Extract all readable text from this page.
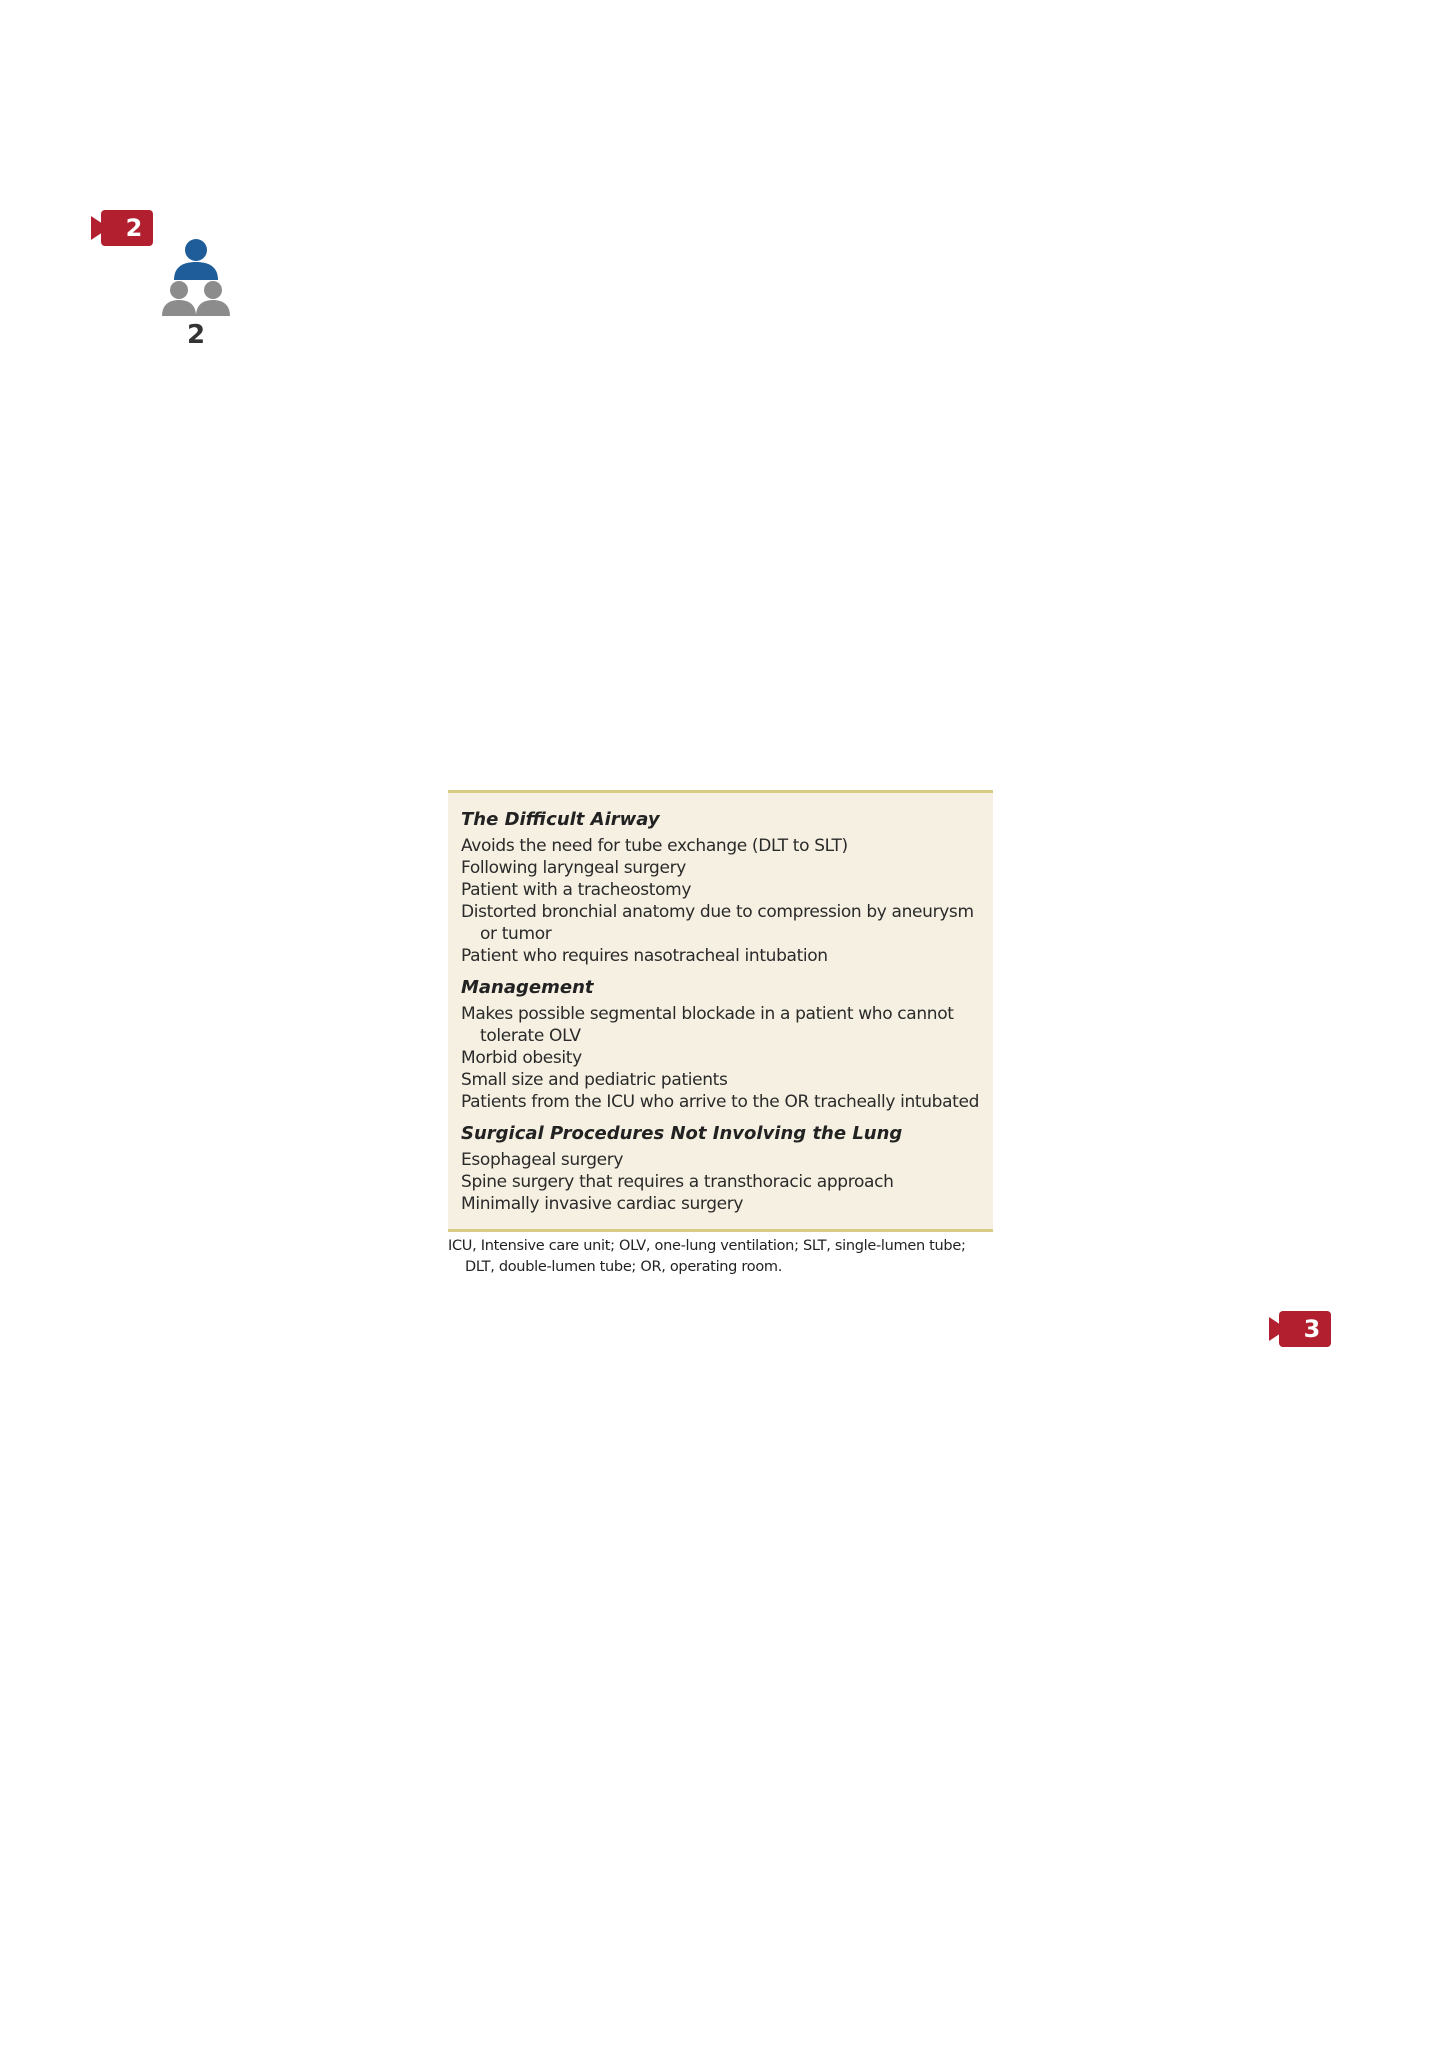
2
2
The Difficult Airway
Avoids the need for tube exchange (DLT to SLT)
Following laryngeal surgery
Patient with a tracheostomy
Distorted bronchial anatomy due to compression by aneurysm or tumor
Patient who requires nasotracheal intubation
Management
Makes possible segmental blockade in a patient who cannot tolerate OLV
Morbid obesity
Small size and pediatric patients
Patients from the ICU who arrive to the OR tracheally intubated
Surgical Procedures Not Involving the Lung
Esophageal surgery
Spine surgery that requires a transthoracic approach
Minimally invasive cardiac surgery
ICU, Intensive care unit; OLV, one-lung ventilation; SLT, single-lumen tube; DLT, double-lumen tube; OR, operating room.
3
